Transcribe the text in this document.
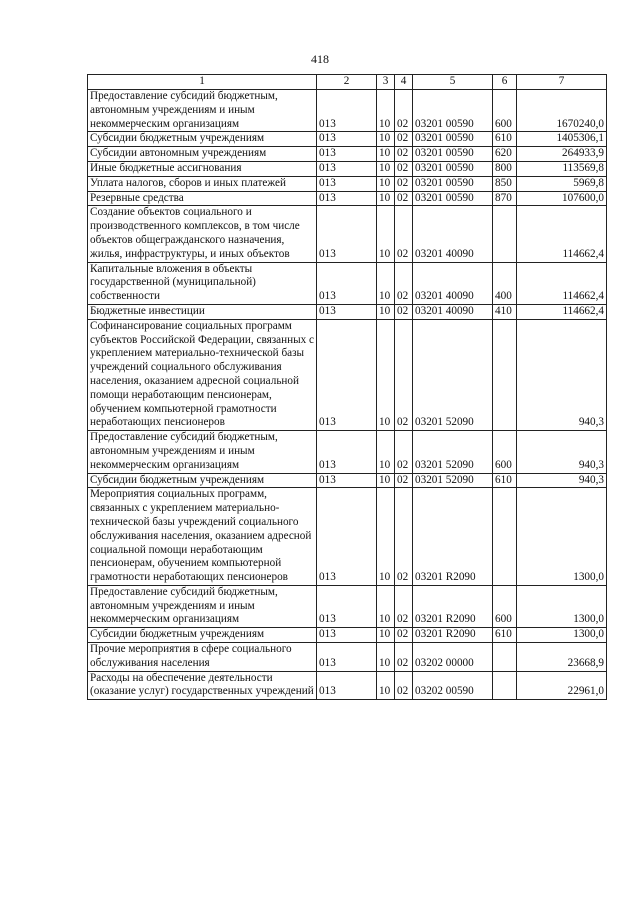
418
1	2	3	4	5	6	7
Предоставление субсидий бюджетным, автономным учреждениям и иным некоммерческим организациям	013	10	02	03201 00590	600	1670240,0
Субсидии бюджетным учреждениям	013	10	02	03201 00590	610	1405306,1
Субсидии автономным учреждениям	013	10	02	03201 00590	620	264933,9
Иные бюджетные ассигнования	013	10	02	03201 00590	800	113569,8
Уплата налогов, сборов и иных платежей	013	10	02	03201 00590	850	5969,8
Резервные средства	013	10	02	03201 00590	870	107600,0
Создание объектов социального и производственного комплексов, в том числе объектов общегражданского назначения, жилья, инфраструктуры, и иных объектов	013	10	02	03201 40090		114662,4
Капитальные вложения в объекты государственной (муниципальной) собственности	013	10	02	03201 40090	400	114662,4
Бюджетные инвестиции	013	10	02	03201 40090	410	114662,4
Софинансирование социальных программ субъектов Российской Федерации, связанных с укреплением материально-технической базы учреждений социального обслуживания населения, оказанием адресной социальной помощи неработающим пенсионерам, обучением компьютерной грамотности неработающих пенсионеров	013	10	02	03201 52090		940,3
Предоставление субсидий бюджетным, автономным учреждениям и иным некоммерческим организациям	013	10	02	03201 52090	600	940,3
Субсидии бюджетным учреждениям	013	10	02	03201 52090	610	940,3
Мероприятия социальных программ, связанных с укреплением материально-технической базы учреждений социального обслуживания населения, оказанием адресной социальной помощи неработающим пенсионерам, обучением компьютерной грамотности неработающих пенсионеров	013	10	02	03201 R2090		1300,0
Предоставление субсидий бюджетным, автономным учреждениям и иным некоммерческим организациям	013	10	02	03201 R2090	600	1300,0
Субсидии бюджетным учреждениям	013	10	02	03201 R2090	610	1300,0
Прочие мероприятия в сфере социального обслуживания населения	013	10	02	03202 00000		23668,9
Расходы на обеспечение деятельности (оказание услуг) государственных учреждений	013	10	02	03202 00590		22961,0
